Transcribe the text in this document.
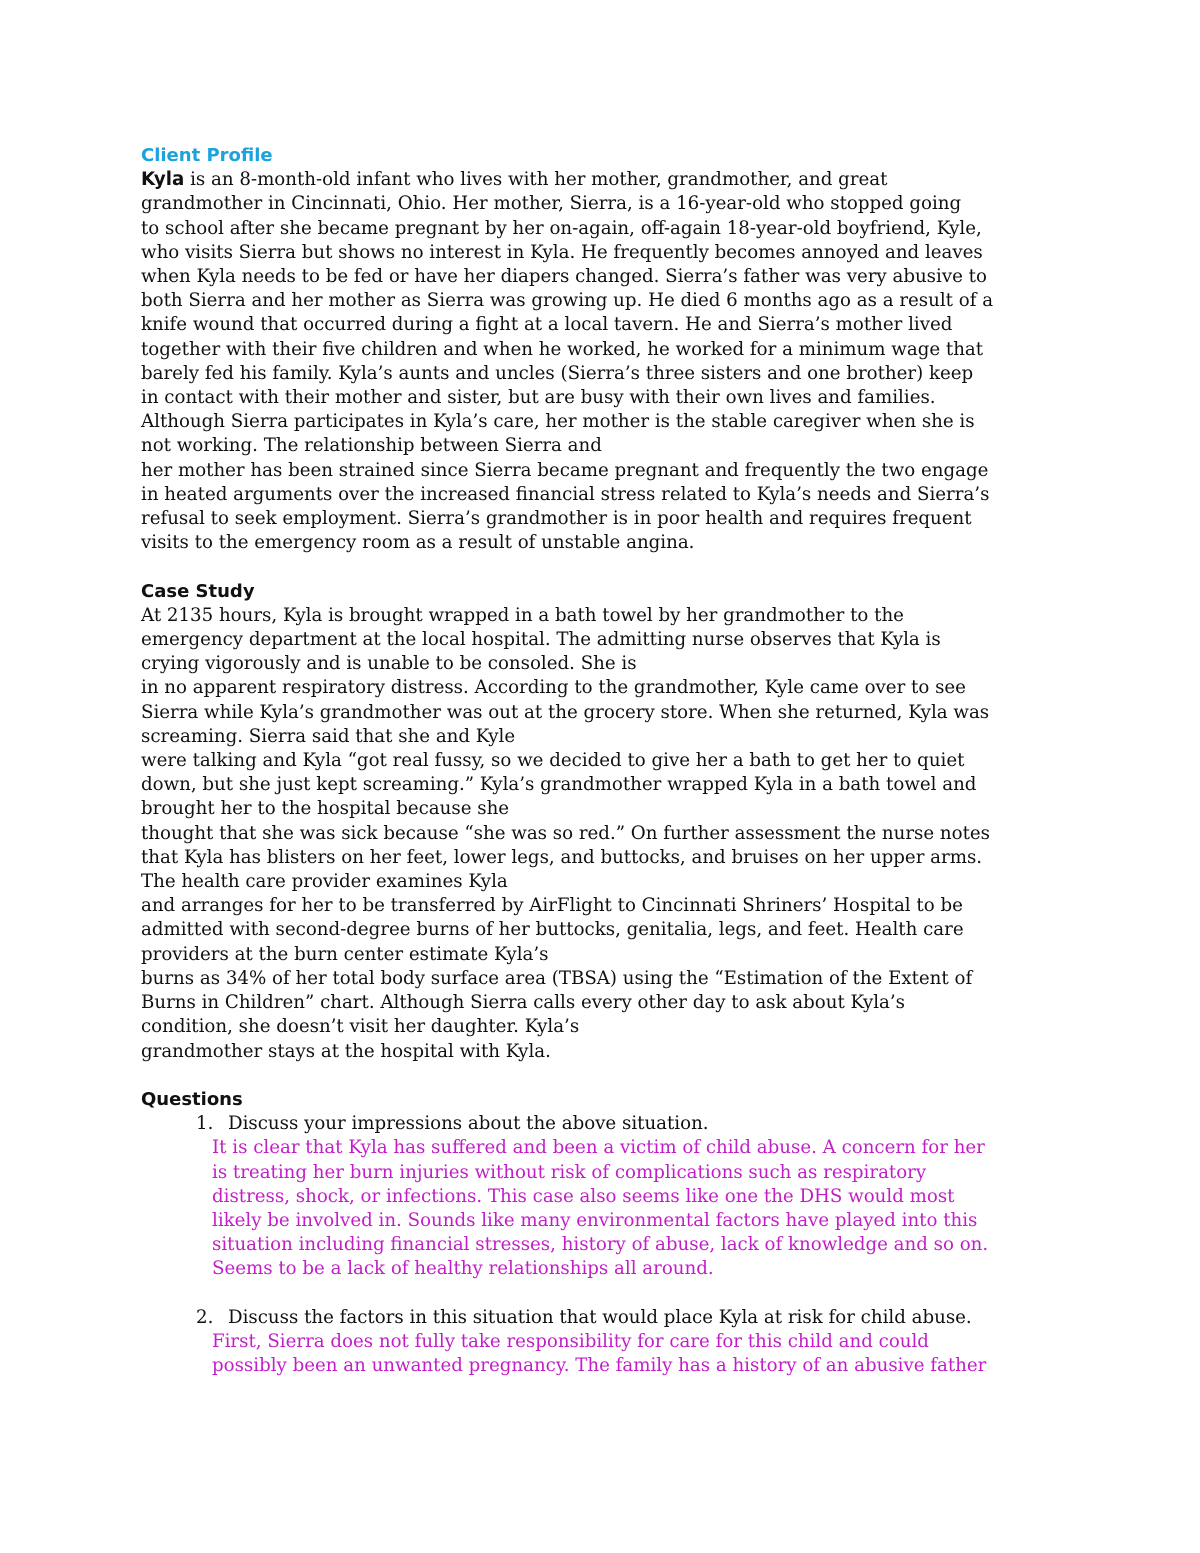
Client Profile
Kyla is an 8-month-old infant who lives with her mother, grandmother, and great
grandmother in Cincinnati, Ohio. Her mother, Sierra, is a 16-year-old who stopped going
to school after she became pregnant by her on-again, off-again 18-year-old boyfriend, Kyle,
who visits Sierra but shows no interest in Kyla. He frequently becomes annoyed and leaves
when Kyla needs to be fed or have her diapers changed. Sierra’s father was very abusive to
both Sierra and her mother as Sierra was growing up. He died 6 months ago as a result of a
knife wound that occurred during a fight at a local tavern. He and Sierra’s mother lived
together with their five children and when he worked, he worked for a minimum wage that
barely fed his family. Kyla’s aunts and uncles (Sierra’s three sisters and one brother) keep
in contact with their mother and sister, but are busy with their own lives and families.
Although Sierra participates in Kyla’s care, her mother is the stable caregiver when she is
not working. The relationship between Sierra and
her mother has been strained since Sierra became pregnant and frequently the two engage
in heated arguments over the increased financial stress related to Kyla’s needs and Sierra’s
refusal to seek employment. Sierra’s grandmother is in poor health and requires frequent
visits to the emergency room as a result of unstable angina.
Case Study
At 2135 hours, Kyla is brought wrapped in a bath towel by her grandmother to the
emergency department at the local hospital. The admitting nurse observes that Kyla is
crying vigorously and is unable to be consoled. She is
in no apparent respiratory distress. According to the grandmother, Kyle came over to see
Sierra while Kyla’s grandmother was out at the grocery store. When she returned, Kyla was
screaming. Sierra said that she and Kyle
were talking and Kyla “got real fussy, so we decided to give her a bath to get her to quiet
down, but she just kept screaming.” Kyla’s grandmother wrapped Kyla in a bath towel and
brought her to the hospital because she
thought that she was sick because “she was so red.” On further assessment the nurse notes
that Kyla has blisters on her feet, lower legs, and buttocks, and bruises on her upper arms.
The health care provider examines Kyla
and arranges for her to be transferred by AirFlight to Cincinnati Shriners’ Hospital to be
admitted with second-degree burns of her buttocks, genitalia, legs, and feet. Health care
providers at the burn center estimate Kyla’s
burns as 34% of her total body surface area (TBSA) using the “Estimation of the Extent of
Burns in Children” chart. Although Sierra calls every other day to ask about Kyla’s
condition, she doesn’t visit her daughter. Kyla’s
grandmother stays at the hospital with Kyla.
Questions
1. Discuss your impressions about the above situation.
It is clear that Kyla has suffered and been a victim of child abuse. A concern for her
is treating her burn injuries without risk of complications such as respiratory
distress, shock, or infections. This case also seems like one the DHS would most
likely be involved in. Sounds like many environmental factors have played into this
situation including financial stresses, history of abuse, lack of knowledge and so on.
Seems to be a lack of healthy relationships all around.
2. Discuss the factors in this situation that would place Kyla at risk for child abuse.
First, Sierra does not fully take responsibility for care for this child and could
possibly been an unwanted pregnancy. The family has a history of an abusive father
